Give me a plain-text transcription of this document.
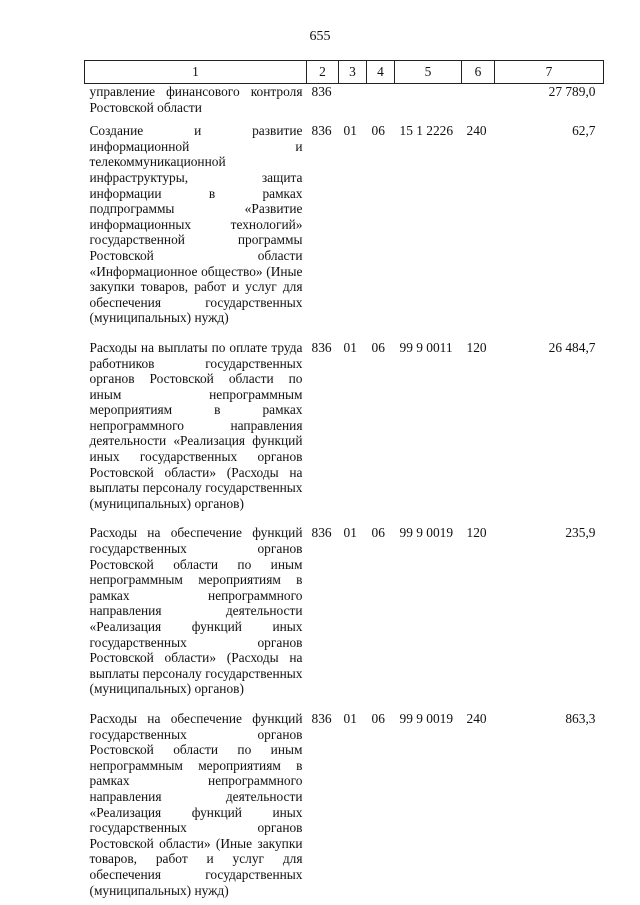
655
1	2	3	4	5	6	7
управление финансового контроля Ростовской области	836					27 789,0

Создание и развитие информационной и телекоммуникационной инфраструктуры, защита информации в рамках подпрограммы «Развитие информационных технологий» государственной программы Ростовской области «Информационное общество» (Иные закупки товаров, работ и услуг для обеспечения государственных (муниципальных) нужд)	836	01	06	15 1 2226	240	62,7

Расходы на выплаты по оплате труда работников государственных органов Ростовской области по иным непрограммным мероприятиям в рамках непрограммного направления деятельности «Реализация функций иных государственных органов Ростовской области» (Расходы на выплаты персоналу государственных (муниципальных) органов)	836	01	06	99 9 0011	120	26 484,7

Расходы на обеспечение функций государственных органов Ростовской области по иным непрограммным мероприятиям в рамках непрограммного направления деятельности «Реализация функций иных государственных органов Ростовской области» (Расходы на выплаты персоналу государственных (муниципальных) органов)	836	01	06	99 9 0019	120	235,9

Расходы на обеспечение функций государственных органов Ростовской области по иным непрограммным мероприятиям в рамках непрограммного направления деятельности «Реализация функций иных государственных органов Ростовской области» (Иные закупки товаров, работ и услуг для обеспечения государственных (муниципальных) нужд)	836	01	06	99 9 0019	240	863,3
